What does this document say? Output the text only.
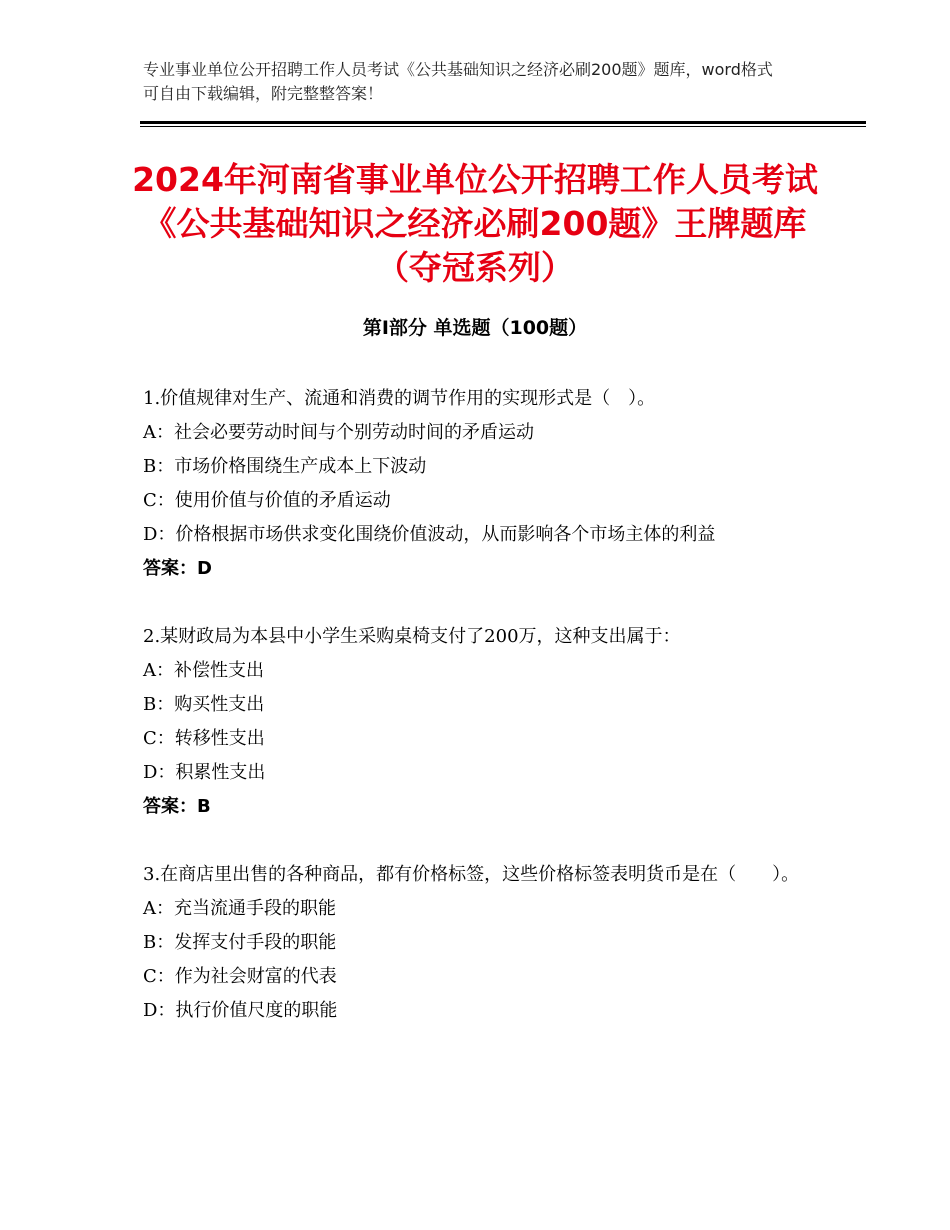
专业事业单位公开招聘工作人员考试《公共基础知识之经济必刷200题》题库，word格式可自由下载编辑，附完整整答案！
2024年河南省事业单位公开招聘工作人员考试《公共基础知识之经济必刷200题》王牌题库（夺冠系列）
第I部分 单选题（100题）

1.价值规律对生产、流通和消费的调节作用的实现形式是（　）。

A：社会必要劳动时间与个别劳动时间的矛盾运动

B：市场价格围绕生产成本上下波动

C：使用价值与价值的矛盾运动

D：价格根据市场供求变化围绕价值波动，从而影响各个市场主体的利益

答案：D

2.某财政局为本县中小学生采购桌椅支付了200万，这种支出属于：

A：补偿性支出

B：购买性支出

C：转移性支出

D：积累性支出

答案：B

3.在商店里出售的各种商品，都有价格标签，这些价格标签表明货币是在（　　）。

A：充当流通手段的职能

B：发挥支付手段的职能

C：作为社会财富的代表

D：执行价值尺度的职能
